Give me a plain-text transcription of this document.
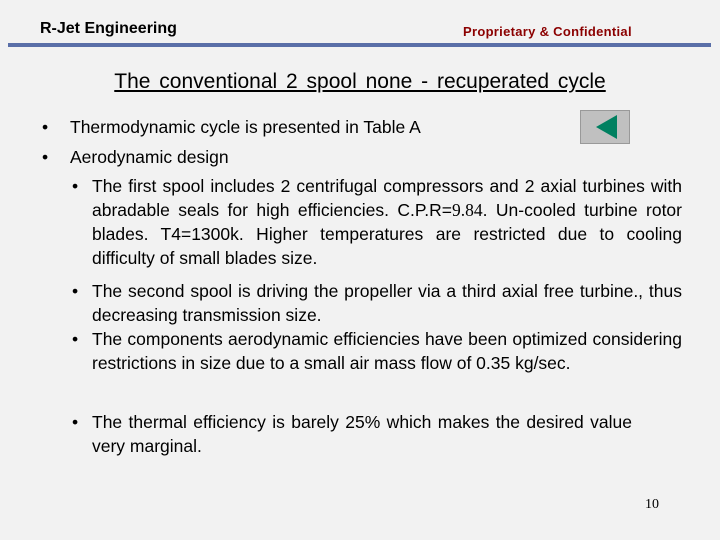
R-Jet Engineering	Proprietary & Confidential
The conventional 2 spool none - recuperated cycle
• Thermodynamic cycle is presented in Table A
• Aerodynamic design
• The first spool includes 2 centrifugal compressors and 2 axial turbines with abradable seals for high efficiencies. C.P.R=9.84. Un-cooled turbine rotor blades. T4=1300k. Higher temperatures are restricted due to cooling difficulty of small blades size.
• The second spool is driving the propeller via a third axial free turbine., thus decreasing transmission size.
• The components aerodynamic efficiencies have been optimized considering restrictions in size due to a small air mass flow of 0.35 kg/sec.
• The thermal efficiency is barely 25% which makes the desired value very marginal.
10
